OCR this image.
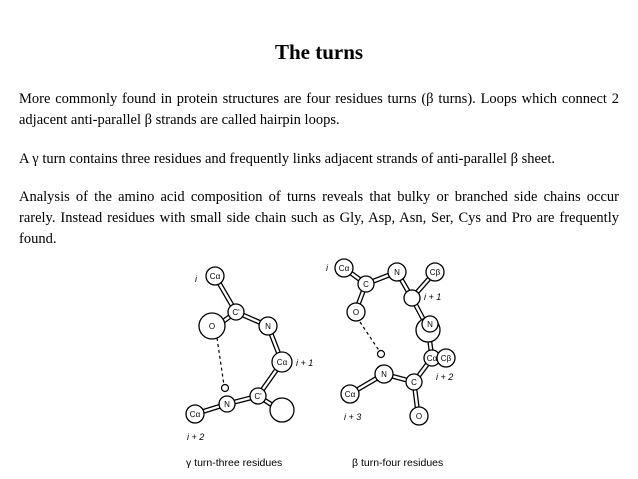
The turns

More commonly found in protein structures are four residues turns (β turns). Loops which connect 2 adjacent anti-parallel β strands are called hairpin loops.

A γ turn contains three residues and frequently links adjacent strands of anti-parallel β sheet.

Analysis of the amino acid composition of turns reveals that bulky or branched side chains occur rarely. Instead residues with small side chain such as Gly, Asp, Asn, Ser, Cys and Pro are frequently found.

Cα
i
C'
O	N
Cα i + 1
C'
N
Cα
i + 2
γ turn-three residues
Cα
i
C
O
N
i + 1
Cβ
N
Cα Cβ
i + 2
C
O
N
Cα
i + 3
β turn-four residues
